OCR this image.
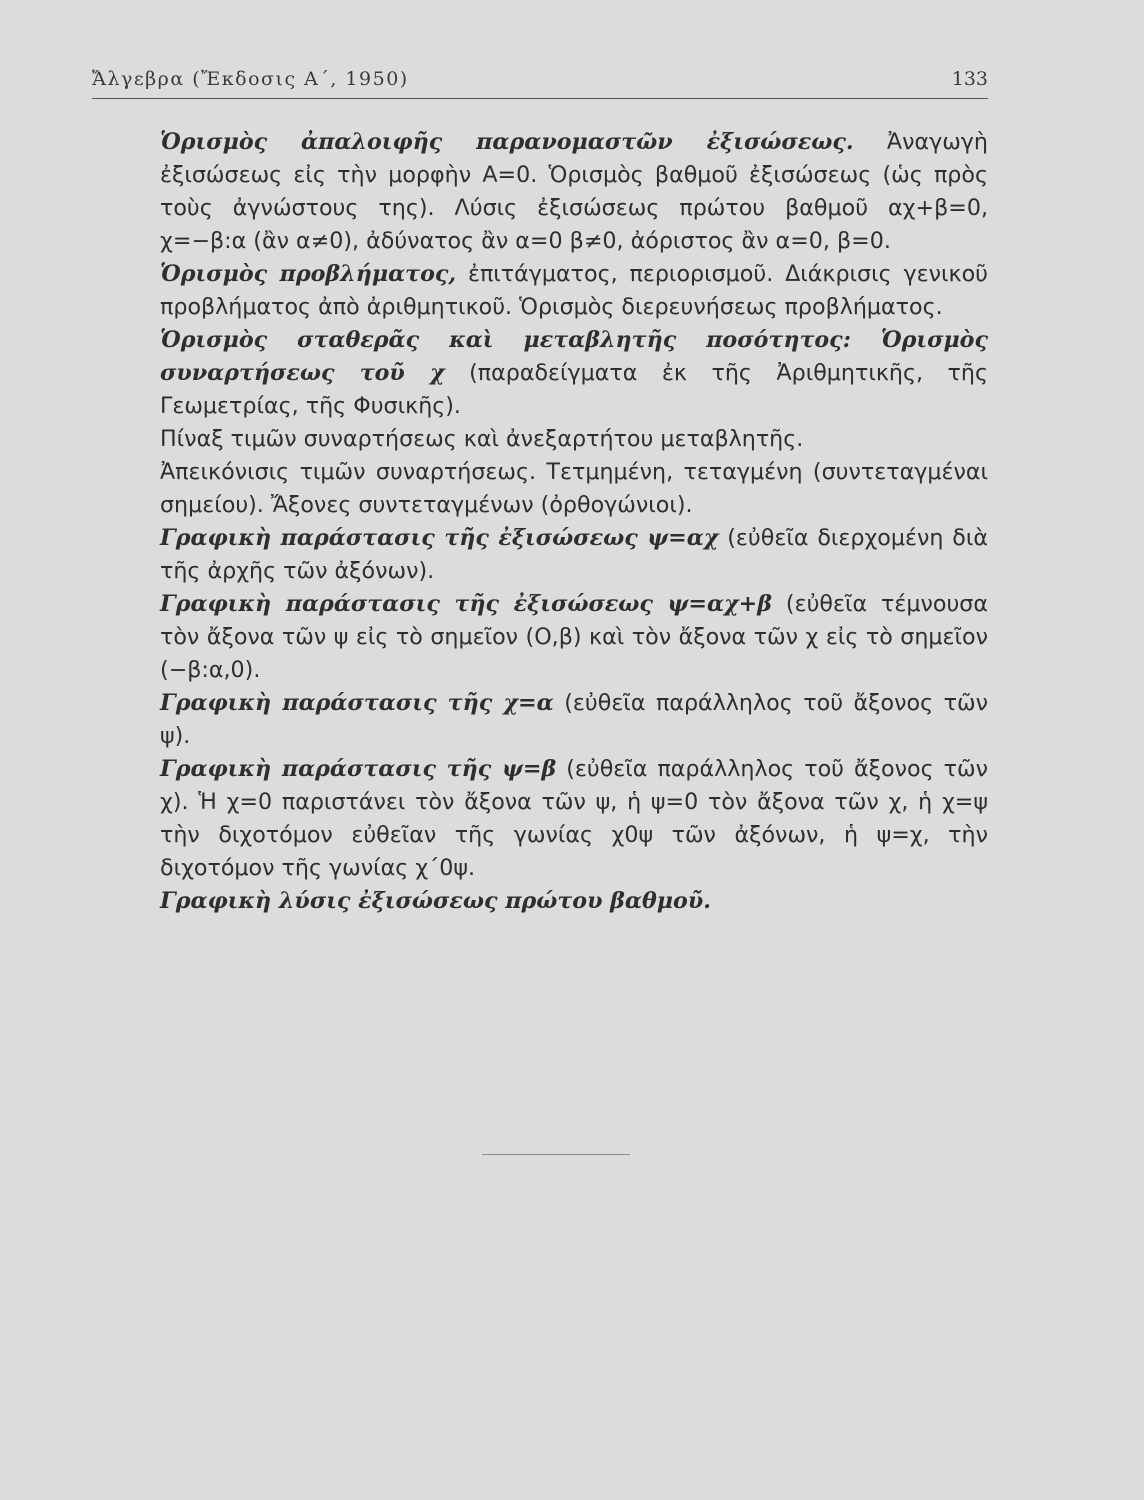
Ἄλγεβρα (Ἔκδοσις Α΄, 1950)	133

Ὁρισμὸς ἀπαλοιφῆς παρανομαστῶν ἐξισώσεως. Ἀναγωγὴ ἐξισώσεως εἰς τὴν μορφὴν Α=0. Ὁρισμὸς βαθμοῦ ἐξισώσεως (ὡς πρὸς τοὺς ἀγνώστους της). Λύσις ἐξισώσεως πρώτου βαθμοῦ αχ+β=0, χ=−β:α (ἂν α≠0), ἀδύνατος ἂν α=0 β≠0, ἀόριστος ἂν α=0, β=0.

Ὁρισμὸς προβλήματος, ἐπιτάγματος, περιορισμοῦ. Διάκρισις γενικοῦ προβλήματος ἀπὸ ἀριθμητικοῦ. Ὁρισμὸς διερευνήσεως προβλήματος.

Ὁρισμὸς σταθερᾶς καὶ μεταβλητῆς ποσότητος: Ὁρισμὸς συναρτήσεως τοῦ χ (παραδείγματα ἐκ τῆς Ἀριθμητικῆς, τῆς Γεωμετρίας, τῆς Φυσικῆς).

Πίναξ τιμῶν συναρτήσεως καὶ ἀνεξαρτήτου μεταβλητῆς.

Ἀπεικόνισις τιμῶν συναρτήσεως. Τετμημένη, τεταγμένη (συντεταγμέναι σημείου). Ἄξονες συντεταγμένων (ὀρθογώνιοι).

Γραφικὴ παράστασις τῆς ἐξισώσεως ψ=αχ (εὐθεῖα διερχομένη διὰ τῆς ἀρχῆς τῶν ἀξόνων).

Γραφικὴ παράστασις τῆς ἐξισώσεως ψ=αχ+β (εὐθεῖα τέμνουσα τὸν ἄξονα τῶν ψ εἰς τὸ σημεῖον (Ο,β) καὶ τὸν ἄξονα τῶν χ εἰς τὸ σημεῖον (−β:α,0).

Γραφικὴ παράστασις τῆς χ=α (εὐθεῖα παράλληλος τοῦ ἄξονος τῶν ψ).

Γραφικὴ παράστασις τῆς ψ=β (εὐθεῖα παράλληλος τοῦ ἄξονος τῶν χ). Ἡ χ=0 παριστάνει τὸν ἄξονα τῶν ψ, ἡ ψ=0 τὸν ἄξονα τῶν χ, ἡ χ=ψ τὴν διχοτόμον εὐθεῖαν τῆς γωνίας χ0ψ τῶν ἀξόνων, ἡ ψ=χ, τὴν διχοτόμον τῆς γωνίας χ΄0ψ.

Γραφικὴ λύσις ἐξισώσεως πρώτου βαθμοῦ.
